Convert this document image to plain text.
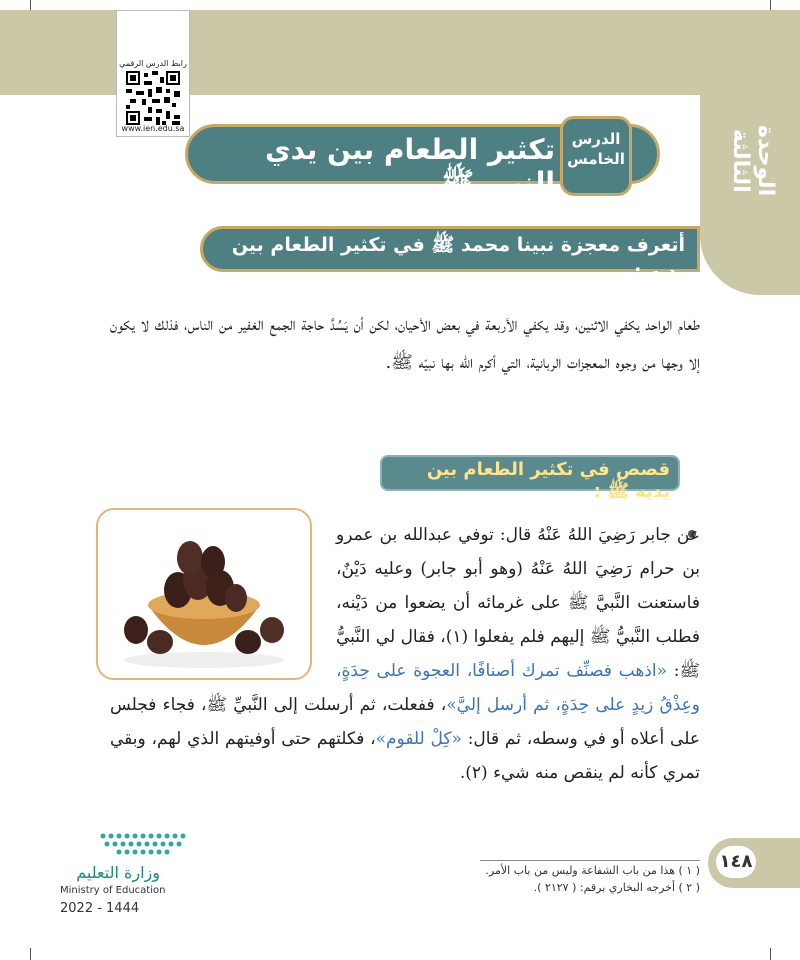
الوحدة الثالثة
رابط الدرس الرقمي
www.ien.edu.sa
تكثير الطعام بين يدي النبي ﷺ
الدرس
الخامس
أتعرف معجزة نبينا محمد ﷺ في تكثير الطعام بين يديه :
طعام الواحد يكفي الاثنين، وقد يكفي الأربعة في بعض الأحيان، لكن أن يَسُدَّ حاجة الجمع الغفير من الناس، فذلك لا يكون إلا وجها من وجوه المعجزات الربانية، التي أكرم الله بها نبيّه ﷺ.
قصص في تكثير الطعام بين يديه ﷺ :
عن جابر رَضِيَ اللهُ عَنْهُ قال: توفي عبدالله بن عمرو بن حرام رَضِيَ اللهُ عَنْهُ (وهو أبو جابر) وعليه دَيْنٌ، فاستعنت النَّبيَّ ﷺ على غرمائه أن يضعوا من دَيْنه، فطلب النَّبيُّ ﷺ إليهم فلم يفعلوا (١)، فقال لي النَّبيُّ ﷺ: «اذهب فصنِّف تمرك أصنافًا، العجوة على حِدَةٍ، وعِذْقُ زيدٍ على حِدَةٍ، ثم أرسل إليَّ»، ففعلت، ثم أرسلت إلى النَّبيِّ ﷺ، فجاء فجلس على أعلاه أو في وسطه، ثم قال: «كِلْ للقوم»، فكلتهم حتى أوفيتهم الذي لهم، وبقي تمري كأنه لم ينقص منه شيء (٢).
( ١ ) هذا من باب الشفاعة وليس من باب الأمر.
( ٢ ) أخرجه البخاري برقم: ( ٢١٢٧ ).
١٤٨
وزارة التعليم
Ministry of Education
2022 - 1444
